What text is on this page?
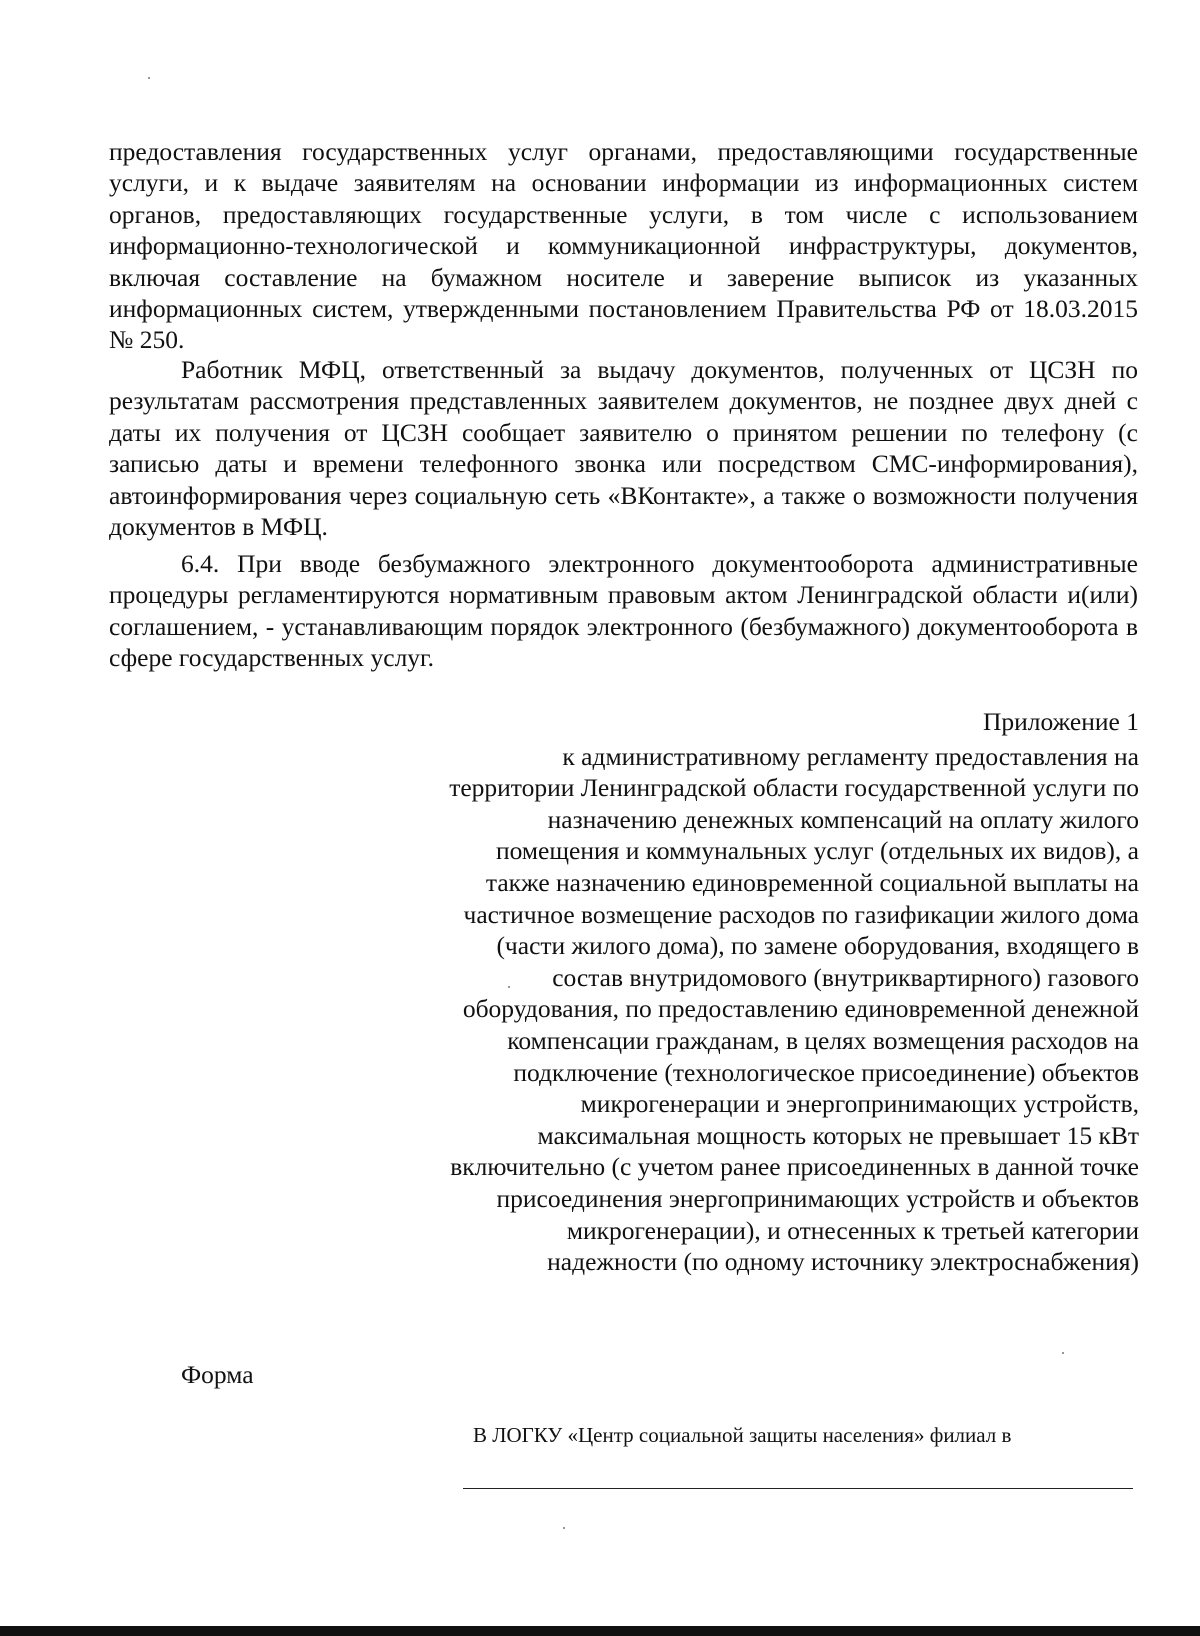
предоставления государственных услуг органами, предоставляющими государственные услуги, и к выдаче заявителям на основании информации из информационных систем органов, предоставляющих государственные услуги, в том числе с использованием информационно-технологической и коммуникационной инфраструктуры, документов, включая составление на бумажном носителе и заверение выписок из указанных информационных систем, утвержденными постановлением Правительства РФ от 18.03.2015 № 250.

Работник МФЦ, ответственный за выдачу документов, полученных от ЦСЗН по результатам рассмотрения представленных заявителем документов, не позднее двух дней с даты их получения от ЦСЗН сообщает заявителю о принятом решении по телефону (с записью даты и времени телефонного звонка или посредством СМС-информирования), автоинформирования через социальную сеть «ВКонтакте», а также о возможности получения документов в МФЦ.

6.4. При вводе безбумажного электронного документооборота административные процедуры регламентируются нормативным правовым актом Ленинградской области и(или) соглашением, - устанавливающим порядок электронного (безбумажного) документооборота в сфере государственных услуг.

Приложение 1

к административному регламенту предоставления на территории Ленинградской области государственной услуги по назначению денежных компенсаций на оплату жилого помещения и коммунальных услуг (отдельных их видов), а также назначению единовременной социальной выплаты на частичное возмещение расходов по газификации жилого дома (части жилого дома), по замене оборудования, входящего в состав внутридомового (внутриквартирного) газового оборудования, по предоставлению единовременной денежной компенсации гражданам, в целях возмещения расходов на подключение (технологическое присоединение) объектов микрогенерации и энергопринимающих устройств, максимальная мощность которых не превышает 15 кВт включительно (с учетом ранее присоединенных в данной точке присоединения энергопринимающих устройств и объектов микрогенерации), и отнесенных к третьей категории надежности (по одному источнику электроснабжения)

Форма
В ЛОГКУ «Центр социальной защиты населения» филиал в
